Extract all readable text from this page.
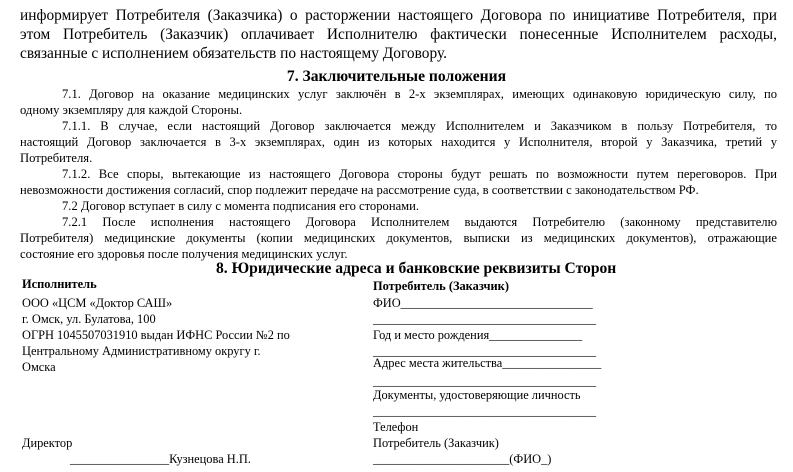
информирует Потребителя (Заказчика) о расторжении настоящего Договора по инициативе Потребителя, при
этом Потребитель (Заказчик) оплачивает Исполнителю фактически понесенные Исполнителем расходы,
связанные с исполнением обязательств по настоящему Договору.
7. Заключительные положения
7.1. Договор на оказание медицинских услуг заключён в 2-х экземплярах, имеющих одинаковую юридическую силу, по
одному экземпляру для каждой Стороны.
7.1.1. В случае, если настоящий Договор заключается между Исполнителем и Заказчиком в пользу Потребителя, то
настоящий Договор заключается в 3-х экземплярах, один из которых находится у Исполнителя, второй у Заказчика, третий у
Потребителя.
7.1.2. Все споры, вытекающие из настоящего Договора стороны будут решать по возможности путем переговоров. При
невозможности достижения согласий, спор подлежит передаче на рассмотрение суда, в соответствии с законодательством РФ.
7.2 Договор вступает в силу с момента подписания его сторонами.
7.2.1 После исполнения настоящего Договора Исполнителем выдаются Потребителю (законному представителю
Потребителя) медицинские документы (копии медицинских документов, выписки из медицинских документов), отражающие
состояние его здоровья после получения медицинских услуг.
8. Юридические адреса и банковские реквизиты Сторон
Исполнитель
ООО «ЦСМ «Доктор САШ»
г. Омск, ул. Булатова, 100
ОГРН 1045507031910 выдан ИФНС России №2 по
Центральному Административному округу г.
Омска
Директор
________________Кузнецова Н.П.
Потребитель (Заказчик)
ФИО_______________________________
____________________________________
Год и место рождения_______________
____________________________________
Адрес места жительства________________
____________________________________
Документы, удостоверяющие личность
____________________________________
Телефон
Потребитель (Заказчик)
______________________(ФИО_)
